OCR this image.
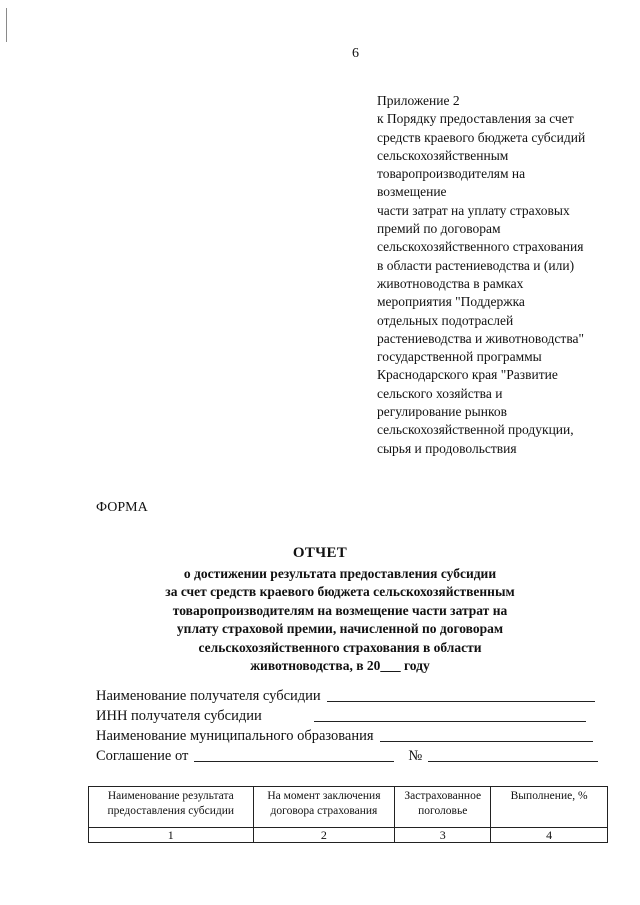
6
Приложение 2
к Порядку предоставления за счет
средств краевого бюджета субсидий
сельскохозяйственным
товаропроизводителям на
возмещение
части затрат на уплату страховых
премий по договорам
сельскохозяйственного страхования
в области растениеводства и (или)
животноводства в рамках
мероприятия "Поддержка
отдельных подотраслей
растениеводства и животноводства"
государственной программы
Краснодарского края "Развитие
сельского хозяйства и
регулирование рынков
сельскохозяйственной продукции,
сырья и продовольствия
ФОРМА
ОТЧЕТ
о достижении результата предоставления субсидии
за счет средств краевого бюджета сельскохозяйственным
товаропроизводителям на возмещение части затрат на
уплату страховой премии, начисленной по договорам
сельскохозяйственного страхования в области
животноводства, в 20___ году
Наименование получателя субсидии
ИНН получателя субсидии
Наименование муниципального образования
Соглашение от	№
Наименование результата предоставления субсидии	На момент заключения договора страхования	Застрахованное поголовье	Выполнение, %
1	2	3	4
